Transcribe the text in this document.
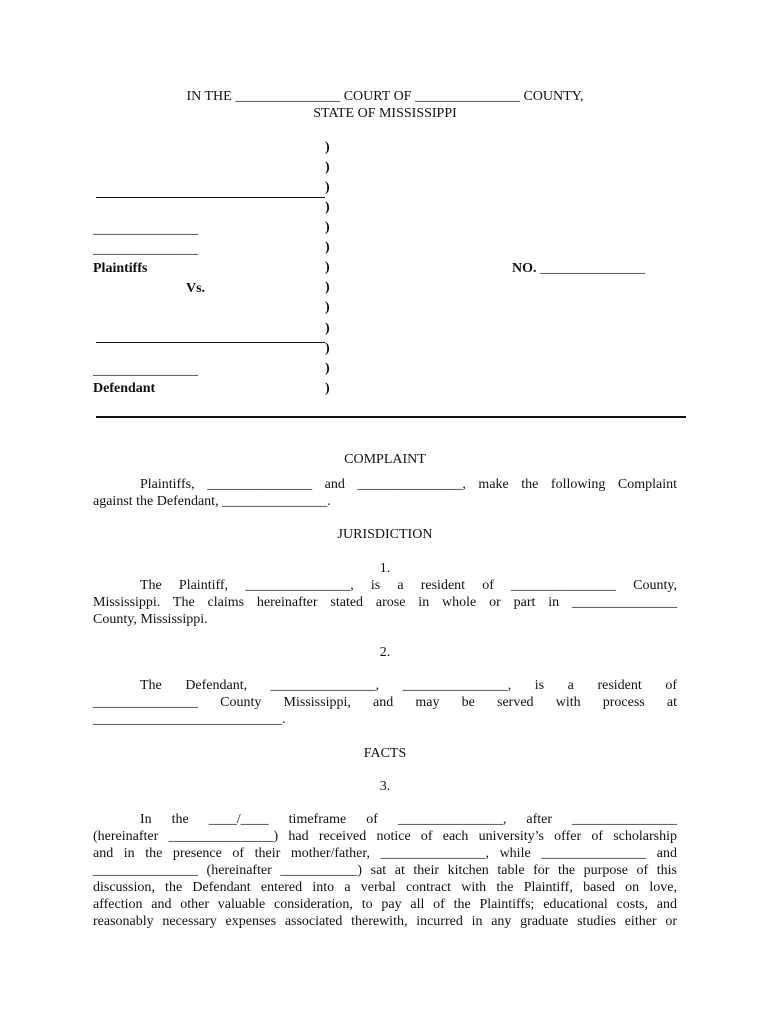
IN THE _______________ COURT OF _______________ COUNTY,
STATE OF MISSISSIPPI
)
)
)
)
)
)
)
)
)
)
)
)
)
_______________
_______________
Plaintiffs
Vs.
_______________
Defendant
NO. _______________
COMPLAINT
Plaintiffs, _______________ and _______________, make the following Complaint
against the Defendant, _______________.
JURISDICTION
1.
The Plaintiff, _______________, is a resident of _______________ County,
Mississippi. The claims hereinafter stated arose in whole or part in _______________
County, Mississippi.
2.
The Defendant, _______________, _______________, is a resident of
_______________ County Mississippi, and may be served with process at
___________________________.
FACTS
3.
In the ____/____ timeframe of _______________, after _______________
(hereinafter _______________) had received notice of each university’s offer of scholarship
and in the presence of their mother/father, _______________, while _______________ and
_______________ (hereinafter ___________) sat at their kitchen table for the purpose of this
discussion, the Defendant entered into a verbal contract with the Plaintiff, based on love,
affection and other valuable consideration, to pay all of the Plaintiffs; educational costs, and
reasonably necessary expenses associated therewith, incurred in any graduate studies either or
